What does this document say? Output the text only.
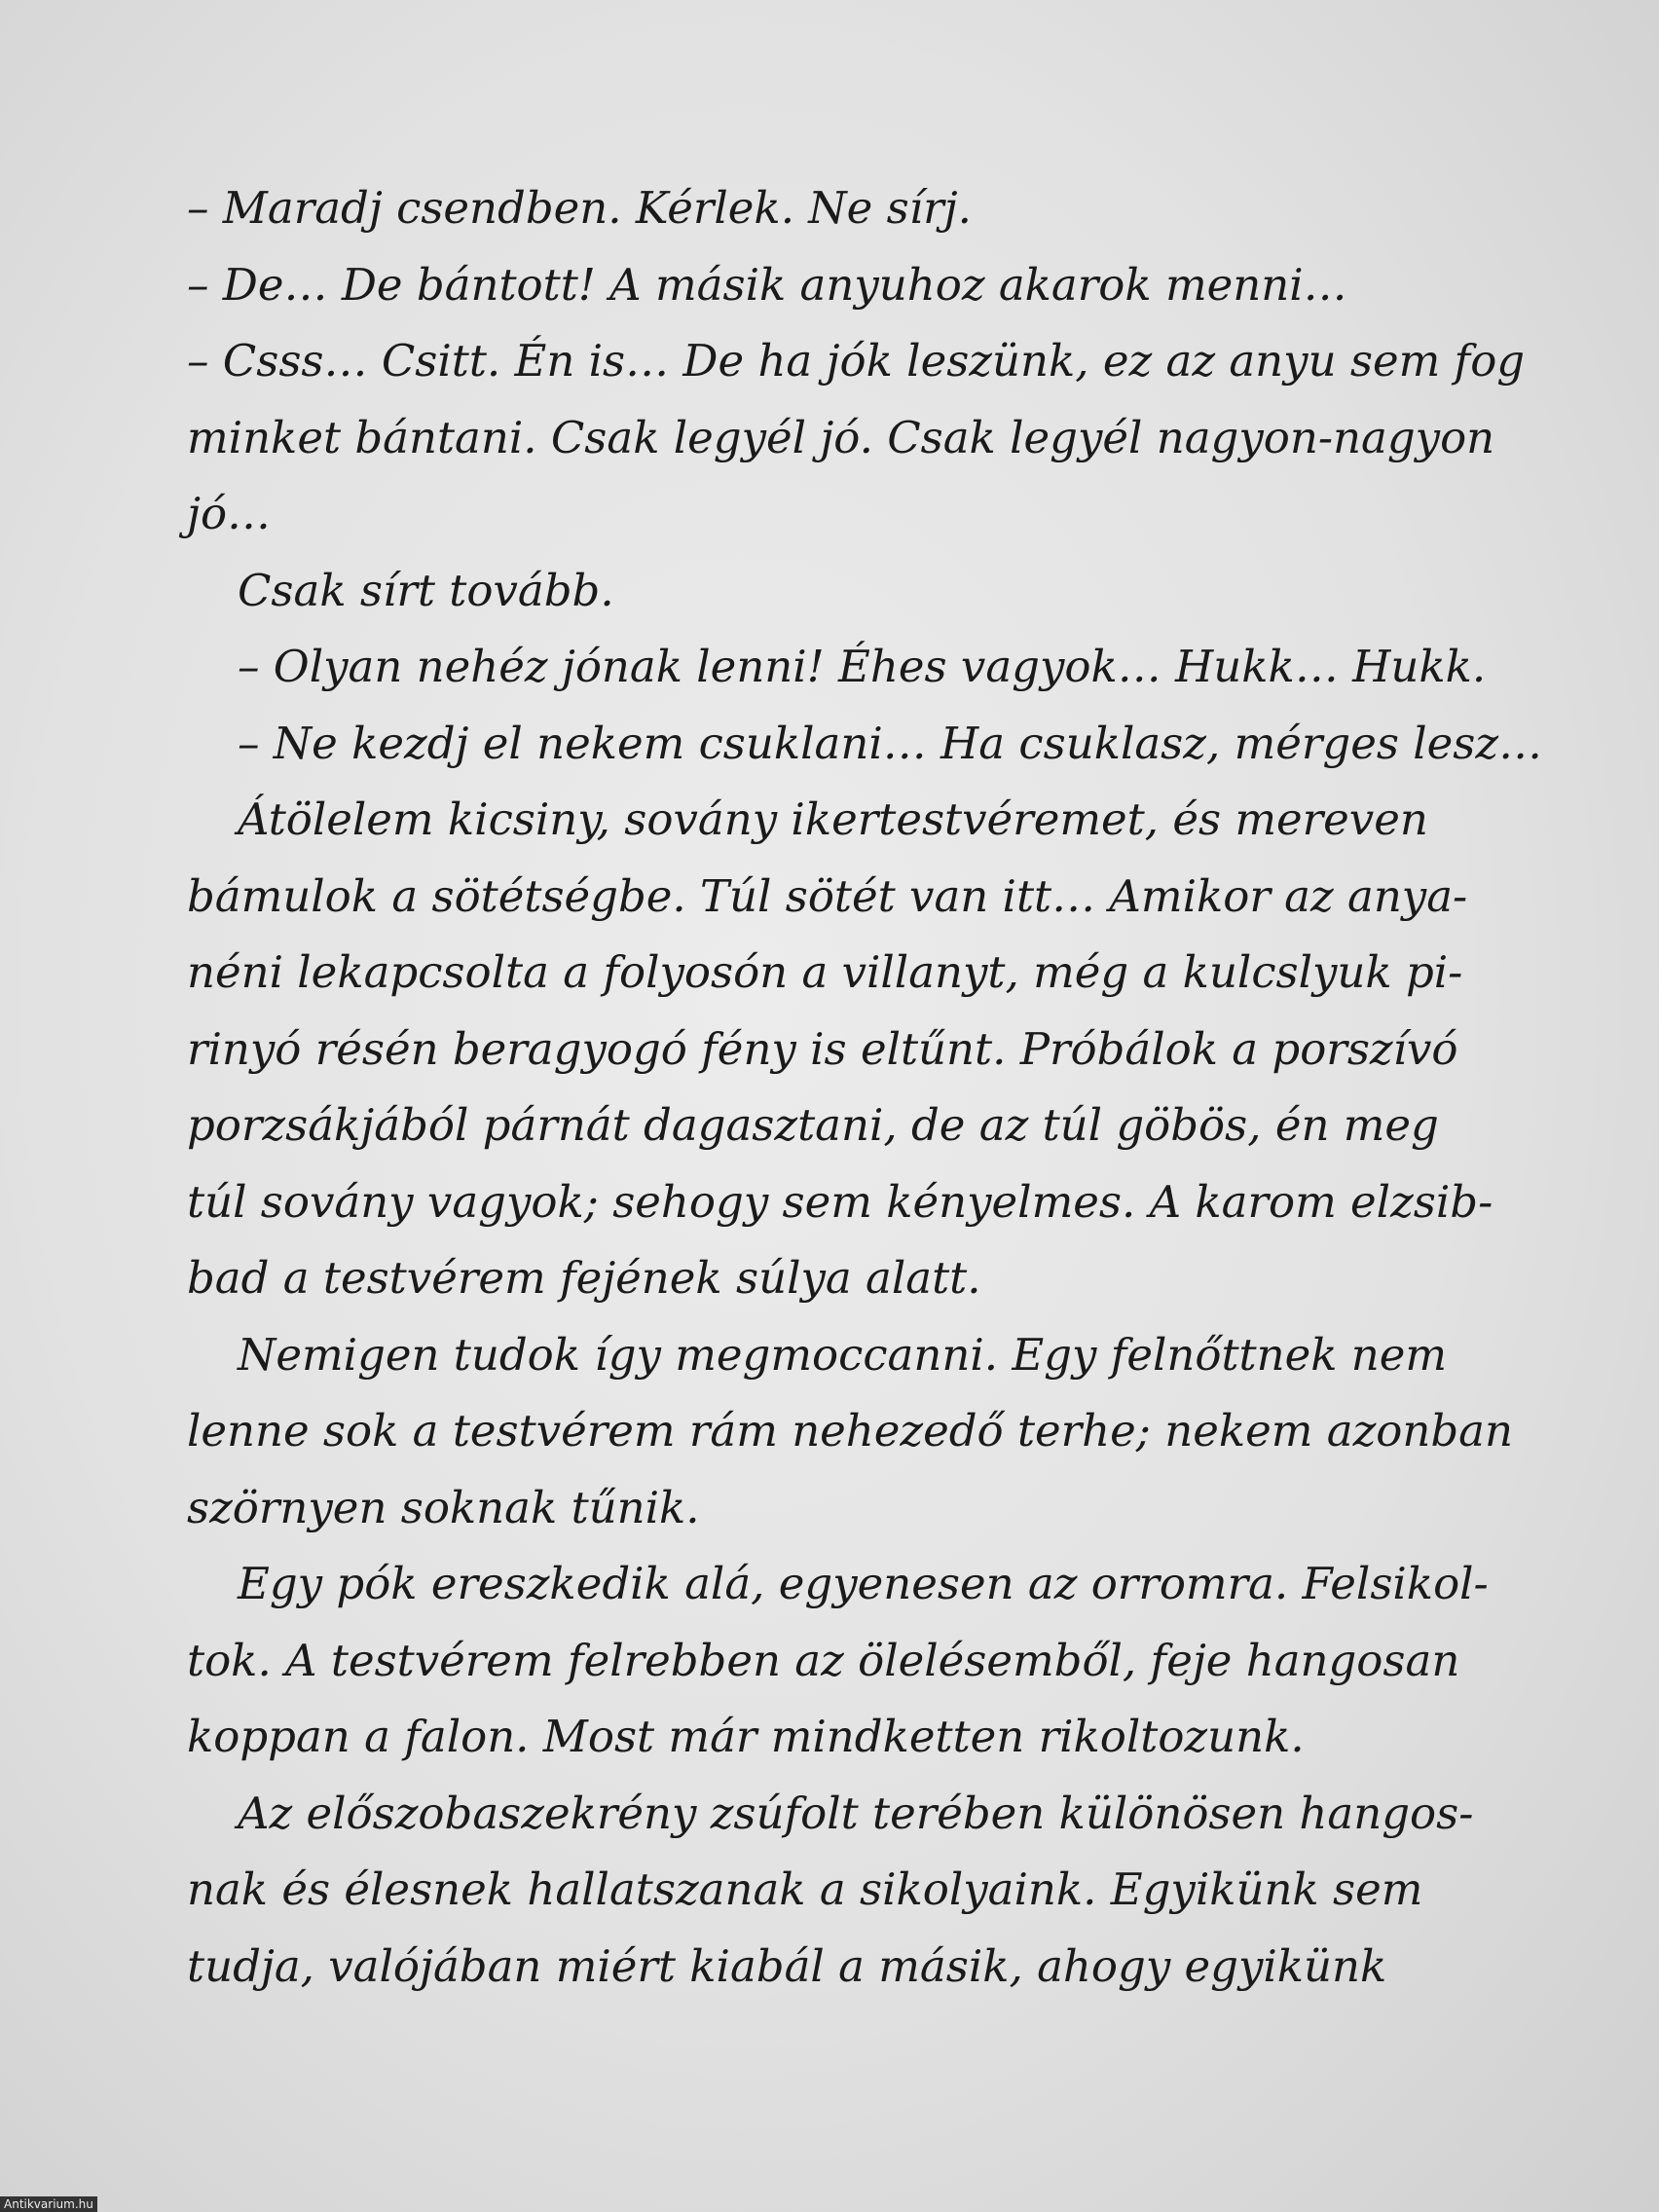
– Maradj csendben. Kérlek. Ne sírj.
– De… De bántott! A másik anyuhoz akarok menni…
– Csss… Csitt. Én is… De ha jók leszünk, ez az anyu sem fog
minket bántani. Csak legyél jó. Csak legyél nagyon-nagyon
jó…
Csak sírt tovább.
– Olyan nehéz jónak lenni! Éhes vagyok… Hukk… Hukk.
– Ne kezdj el nekem csuklani… Ha csuklasz, mérges lesz…
Átölelem kicsiny, sovány ikertestvéremet, és mereven
bámulok a sötétségbe. Túl sötét van itt… Amikor az anya-
néni lekapcsolta a folyosón a villanyt, még a kulcslyuk pi-
rinyó résén beragyogó fény is eltűnt. Próbálok a porszívó
porzsákjából párnát dagasztani, de az túl göbös, én meg
túl sovány vagyok; sehogy sem kényelmes. A karom elzsib-
bad a testvérem fejének súlya alatt.
Nemigen tudok így megmoccanni. Egy felnőttnek nem
lenne sok a testvérem rám nehezedő terhe; nekem azonban
szörnyen soknak tűnik.
Egy pók ereszkedik alá, egyenesen az orromra. Felsikol-
tok. A testvérem felrebben az ölelésemből, feje hangosan
koppan a falon. Most már mindketten rikoltozunk.
Az előszobaszekrény zsúfolt terében különösen hangos-
nak és élesnek hallatszanak a sikolyaink. Egyikünk sem
tudja, valójában miért kiabál a másik, ahogy egyikünk
Antikvarium.hu
